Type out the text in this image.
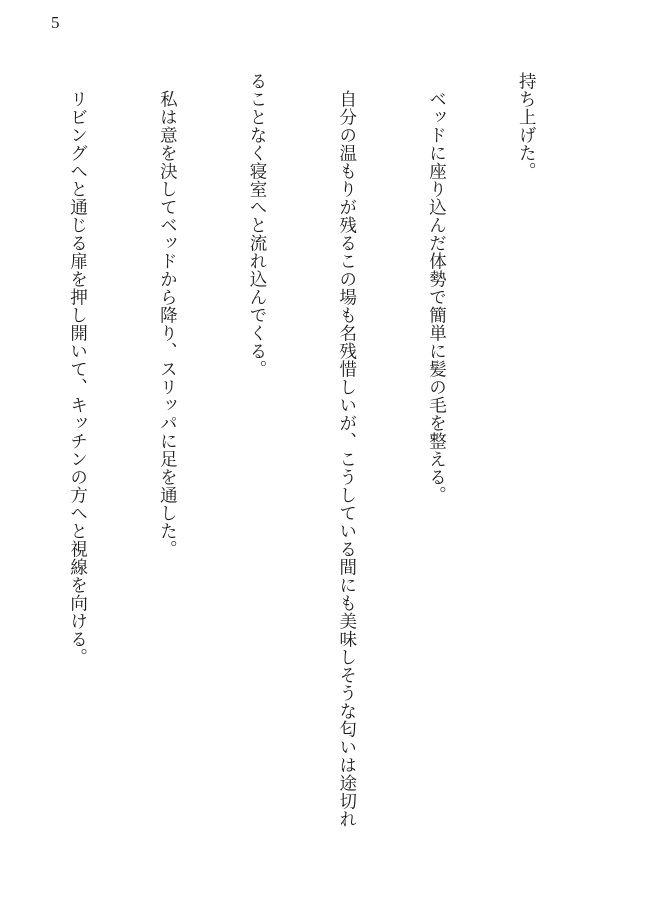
5

持ち上げた。

　ベッドに座り込んだ体勢で簡単に髪の毛を整える。

　自分の温もりが残るこの場も名残惜しいが、こうしている間にも美味しそうな匂いは途切れ

ることなく寝室へと流れ込んでくる。

　私は意を決してベッドから降り、スリッパに足を通した。

　リビングへと通じる扉を押し開いて、キッチンの方へと視線を向ける。
